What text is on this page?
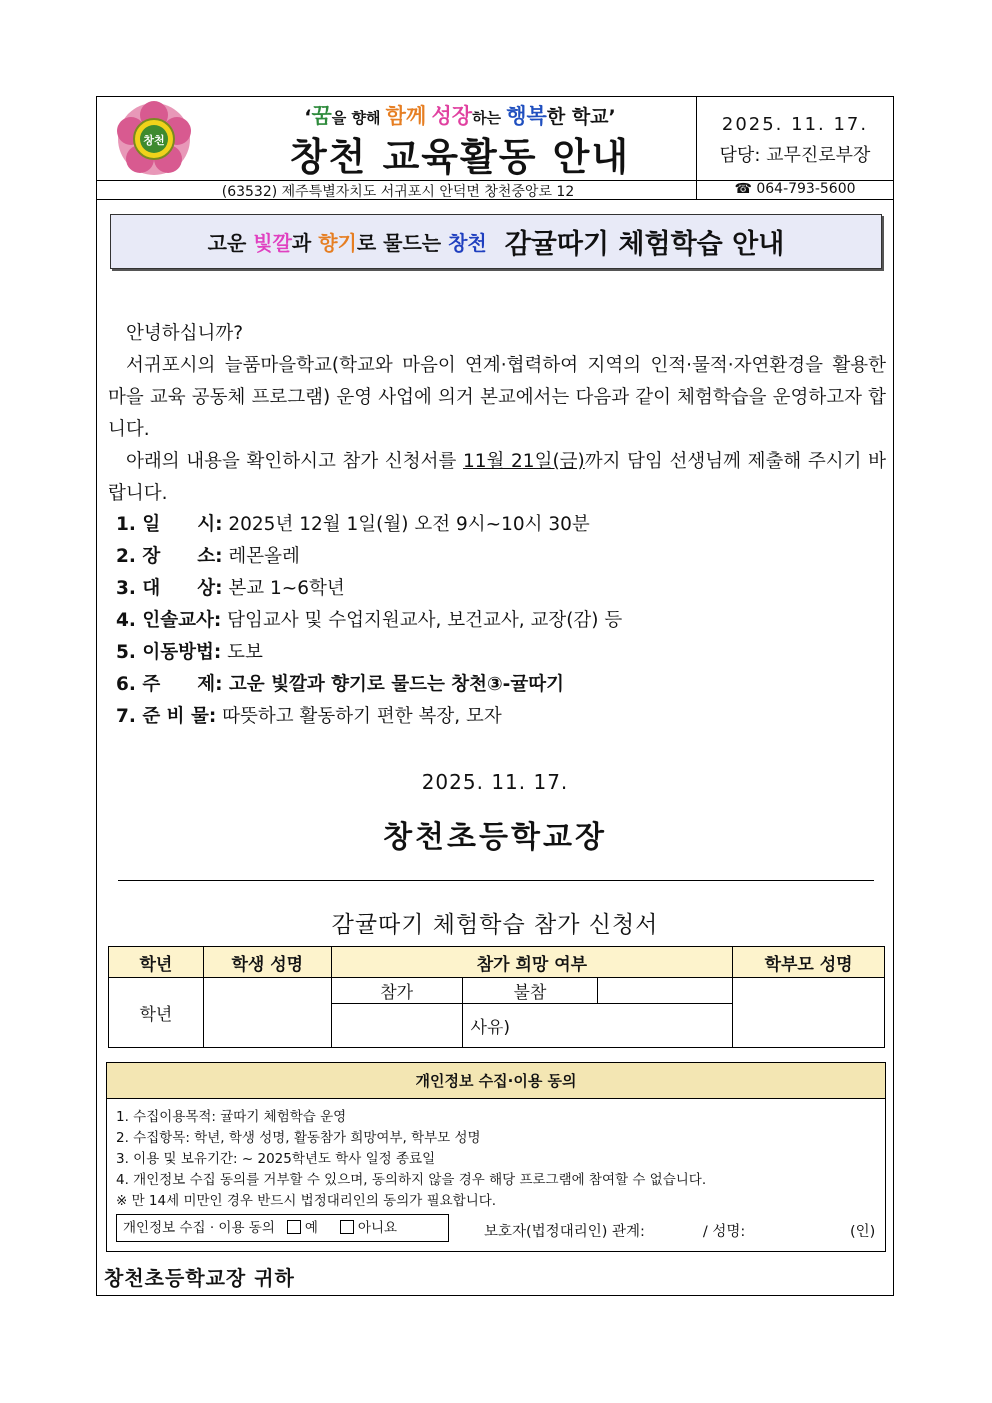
창천
‘꿈을 향해 함께 성장하는 행복한 학교’
창천 교육활동 안내
2025. 11. 17.
담당: 교무진로부장
(63532) 제주특별자치도 서귀포시 안덕면 창천중앙로 12	☎ 064-793-5600
고운 빛깔과 향기로 물드는 창천 감귤따기 체험학습 안내
안녕하십니까?
서귀포시의 늘품마을학교(학교와 마음이 연계·협력하여 지역의 인적·물적·자연환경을 활용한 마을 교육 공동체 프로그램) 운영 사업에 의거 본교에서는 다음과 같이 체험학습을 운영하고자 합니다.
아래의 내용을 확인하시고 참가 신청서를 11월 21일(금)까지 담임 선생님께 제출해 주시기 바랍니다.
1. 일　　시: 2025년 12월 1일(월) 오전 9시~10시 30분
2. 장　　소: 레몬올레
3. 대　　상: 본교 1~6학년
4. 인솔교사: 담임교사 및 수업지원교사, 보건교사, 교장(감) 등
5. 이동방법: 도보
6. 주　　제: 고운 빛깔과 향기로 물드는 창천③-귤따기
7. 준 비 물: 따뜻하고 활동하기 편한 복장, 모자
2025. 11. 17.
창천초등학교장
감귤따기 체험학습 참가 신청서
학년	학생 성명	참가 희망 여부			학부모 성명
학년		참가	불참		
			사유)		
개인정보 수집·이용 동의
1. 수집이용목적: 귤따기 체험학습 운영
2. 수집항목: 학년, 학생 성명, 활동참가 희망여부, 학부모 성명
3. 이용 및 보유기간: ~ 2025학년도 학사 일정 종료일
4. 개인정보 수집 동의를 거부할 수 있으며, 동의하지 않을 경우 해당 프로그램에 참여할 수 없습니다.
※ 만 14세 미만인 경우 반드시 법정대리인의 동의가 필요합니다.
개인정보 수집 · 이용 동의 예	아니요	보호자(법정대리인) 관계:　　　　/ 성명:	(인)
창천초등학교장 귀하
